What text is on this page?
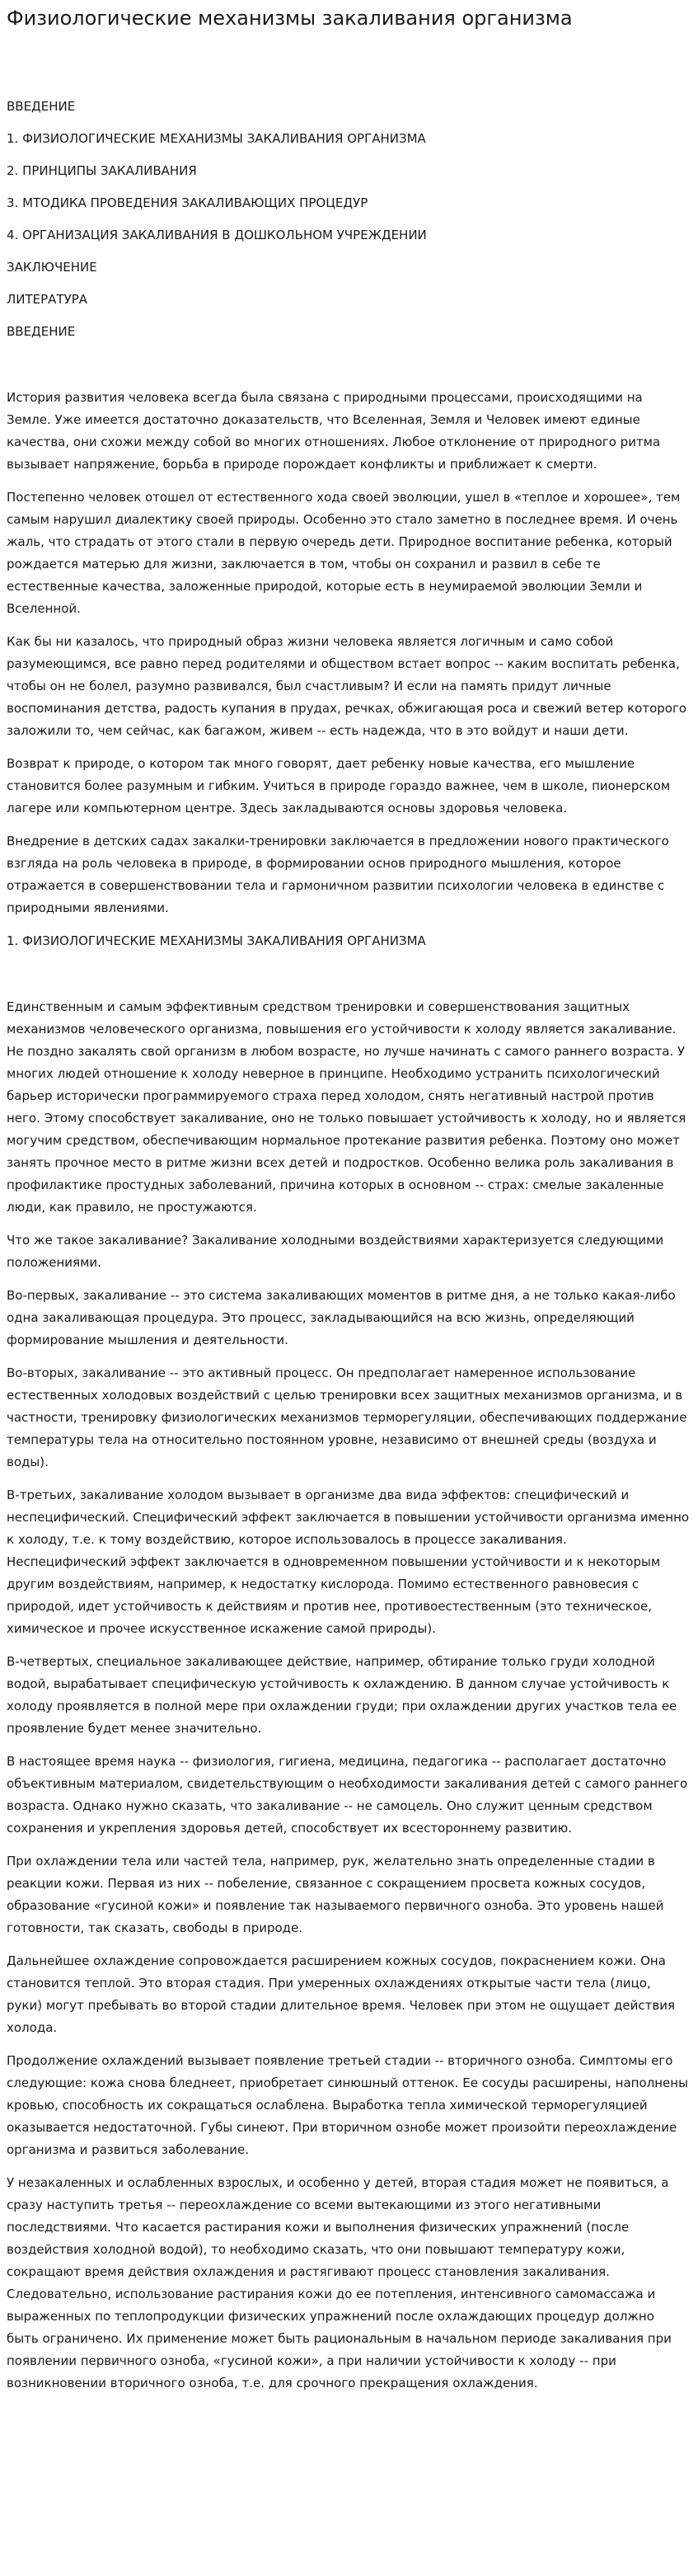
Физиологические механизмы закаливания организма

ВВЕДЕНИЕ

1. ФИЗИОЛОГИЧЕСКИЕ МЕХАНИЗМЫ ЗАКАЛИВАНИЯ ОРГАНИЗМА

2. ПРИНЦИПЫ ЗАКАЛИВАНИЯ

3. МТОДИКА ПРОВЕДЕНИЯ ЗАКАЛИВАЮЩИХ ПРОЦЕДУР

4. ОРГАНИЗАЦИЯ ЗАКАЛИВАНИЯ В ДОШКОЛЬНОМ УЧРЕЖДЕНИИ

ЗАКЛЮЧЕНИЕ

ЛИТЕРАТУРА

ВВЕДЕНИЕ

История развития человека всегда была связана с природными процессами, происходящими на Земле. Уже имеется достаточно доказательств, что Вселенная, Земля и Человек имеют единые качества, они схожи между собой во многих отношениях. Любое отклонение от природного ритма вызывает напряжение, борьба в природе порождает конфликты и приближает к смерти.

Постепенно человек отошел от естественного хода своей эволюции, ушел в «теплое и хорошее», тем самым нарушил диалектику своей природы. Особенно это стало заметно в последнее время. И очень жаль, что страдать от этого стали в первую очередь дети. Природное воспитание ребенка, который рождается матерью для жизни, заключается в том, чтобы он сохранил и развил в себе те естественные качества, заложенные природой, которые есть в неумираемой эволюции Земли и Вселенной.

Как бы ни казалось, что природный образ жизни человека является логичным и само собой разумеющимся, все равно перед родителями и обществом встает вопрос -- каким воспитать ребенка, чтобы он не болел, разумно развивался, был счастливым? И если на память придут личные воспоминания детства, радость купания в прудах, речках, обжигающая роса и свежий ветер которого заложили то, чем сейчас, как багажом, живем -- есть надежда, что в это войдут и наши дети.

Возврат к природе, о котором так много говорят, дает ребенку новые качества, его мышление становится более разумным и гибким. Учиться в природе гораздо важнее, чем в школе, пионерском лагере или компьютерном центре. Здесь закладываются основы здоровья человека.

Внедрение в детских садах закалки-тренировки заключается в предложении нового практического взгляда на роль человека в природе, в формировании основ природного мышления, которое отражается в совершенствовании тела и гармоничном развитии психологии человека в единстве с природными явлениями.

1. ФИЗИОЛОГИЧЕСКИЕ МЕХАНИЗМЫ ЗАКАЛИВАНИЯ ОРГАНИЗМА

Единственным и самым эффективным средством тренировки и совершенствования защитных механизмов человеческого организма, повышения его устойчивости к холоду является закаливание. Не поздно закалять свой организм в любом возрасте, но лучше начинать с самого раннего возраста. У многих людей отношение к холоду неверное в принципе. Необходимо устранить психологический барьер исторически программируемого страха перед холодом, снять негативный настрой против него. Этому способствует закаливание, оно не только повышает устойчивость к холоду, но и является могучим средством, обеспечивающим нормальное протекание развития ребенка. Поэтому оно может занять прочное место в ритме жизни всех детей и подростков. Особенно велика роль закаливания в профилактике простудных заболеваний, причина которых в основном -- страх: смелые закаленные люди, как правило, не простужаются.

Что же такое закаливание? Закаливание холодными воздействиями характеризуется следующими положениями.

Во-первых, закаливание -- это система закаливающих моментов в ритме дня, а не только какая-либо одна закаливающая процедура. Это процесс, закладывающийся на всю жизнь, определяющий формирование мышления и деятельности.

Во-вторых, закаливание -- это активный процесс. Он предполагает намеренное использование естественных холодовых воздействий с целью тренировки всех защитных механизмов организма, и в частности, тренировку физиологических механизмов терморегуляции, обеспечивающих поддержание температуры тела на относительно постоянном уровне, независимо от внешней среды (воздуха и воды).

В-третьих, закаливание холодом вызывает в организме два вида эффектов: специфический и неспецифический. Специфический эффект заключается в повышении устойчивости организма именно к холоду, т.е. к тому воздействию, которое использовалось в процессе закаливания. Неспецифический эффект заключается в одновременном повышении устойчивости и к некоторым другим воздействиям, например, к недостатку кислорода. Помимо естественного равновесия с природой, идет устойчивость к действиям и против нее, противоестественным (это техническое, химическое и прочее искусственное искажение самой природы).

В-четвертых, специальное закаливающее действие, например, обтирание только груди холодной водой, вырабатывает специфическую устойчивость к охлаждению. В данном случае устойчивость к холоду проявляется в полной мере при охлаждении груди; при охлаждении других участков тела ее проявление будет менее значительно.

В настоящее время наука -- физиология, гигиена, медицина, педагогика -- располагает достаточно объективным материалом, свидетельствующим о необходимости закаливания детей с самого раннего возраста. Однако нужно сказать, что закаливание -- не самоцель. Оно служит ценным средством сохранения и укрепления здоровья детей, способствует их всестороннему развитию.

При охлаждении тела или частей тела, например, рук, желательно знать определенные стадии в реакции кожи. Первая из них -- побеление, связанное с сокращением просвета кожных сосудов, образование «гусиной кожи» и появление так называемого первичного озноба. Это уровень нашей готовности, так сказать, свободы в природе.

Дальнейшее охлаждение сопровождается расширением кожных сосудов, покраснением кожи. Она становится теплой. Это вторая стадия. При умеренных охлаждениях открытые части тела (лицо, руки) могут пребывать во второй стадии длительное время. Человек при этом не ощущает действия холода.

Продолжение охлаждений вызывает появление третьей стадии -- вторичного озноба. Симптомы его следующие: кожа снова бледнеет, приобретает синюшный оттенок. Ее сосуды расширены, наполнены кровью, способность их сокращаться ослаблена. Выработка тепла химической терморегуляцией оказывается недостаточной. Губы синеют. При вторичном ознобе может произойти переохлаждение организма и развиться заболевание.

У незакаленных и ослабленных взрослых, и особенно у детей, вторая стадия может не появиться, а сразу наступить третья -- переохлаждение со всеми вытекающими из этого негативными последствиями. Что касается растирания кожи и выполнения физических упражнений (после воздействия холодной водой), то необходимо сказать, что они повышают температуру кожи, сокращают время действия охлаждения и растягивают процесс становления закаливания. Следовательно, использование растирания кожи до ее потепления, интенсивного самомассажа и выраженных по теплопродукции физических упражнений после охлаждающих процедур должно быть ограничено. Их применение может быть рациональным в начальном периоде закаливания при появлении первичного озноба, «гусиной кожи», а при наличии устойчивости к холоду -- при возникновении вторичного озноба, т.е. для срочного прекращения охлаждения.
